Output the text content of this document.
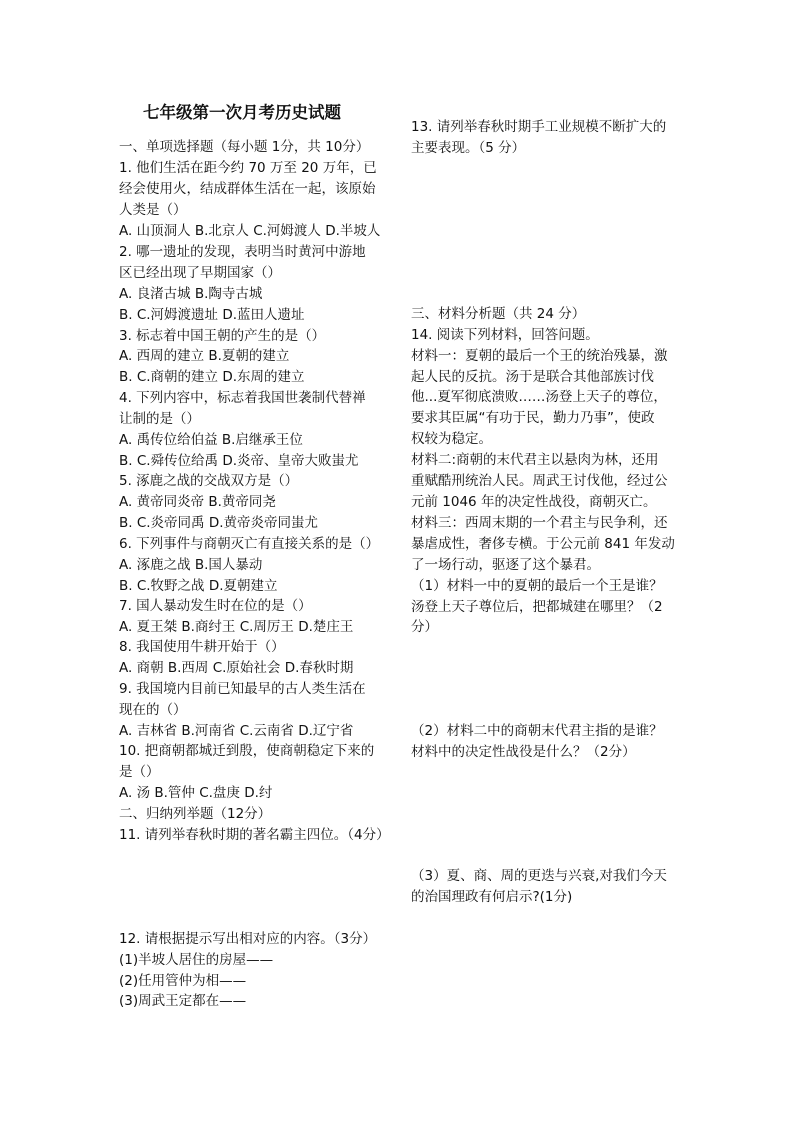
七年级第一次月考历史试题
一、单项选择题（每小题 1分，共 10分）
1. 他们生活在距今约 70 万至 20 万年，已
经会使用火，结成群体生活在一起，该原始
人类是（）
A. 山顶洞人 B.北京人 C.河姆渡人 D.半坡人
2. 哪一遗址的发现，表明当时黄河中游地
区已经出现了早期国家（）
A. 良渚古城 B.陶寺古城
B. C.河姆渡遗址 D.蓝田人遗址
3. 标志着中国王朝的产生的是（）
A. 西周的建立 B.夏朝的建立
B. C.商朝的建立 D.东周的建立
4. 下列内容中，标志着我国世袭制代替禅
让制的是（）
A. 禹传位给伯益 B.启继承王位
B. C.舜传位给禹 D.炎帝、皇帝大败蚩尤
5. 涿鹿之战的交战双方是（）
A. 黄帝同炎帝 B.黄帝同尧
B. C.炎帝同禹 D.黄帝炎帝同蚩尤
6. 下列事件与商朝灭亡有直接关系的是（）
A. 涿鹿之战 B.国人暴动
B. C.牧野之战 D.夏朝建立
7. 国人暴动发生时在位的是（）
A. 夏王桀 B.商纣王 C.周厉王 D.楚庄王
8. 我国使用牛耕开始于（）
A. 商朝 B.西周 C.原始社会 D.春秋时期
9. 我国境内目前已知最早的古人类生活在
现在的（）
A. 吉林省 B.河南省 C.云南省 D.辽宁省
10. 把商朝都城迁到殷，使商朝稳定下来的
是（）
A. 汤 B.管仲 C.盘庚 D.纣
二、归纳列举题（12分）
11. 请列举春秋时期的著名霸主四位。（4分）
12. 请根据提示写出相对应的内容。（3分）
(1)半坡人居住的房屋——
(2)任用管仲为相——
(3)周武王定都在——
13. 请列举春秋时期手工业规模不断扩大的
主要表现。（5 分）
三、材料分析题（共 24 分）
14. 阅读下列材料，回答问题。
材料一：夏朝的最后一个王的统治残暴，激
起人民的反抗。汤于是联合其他部族讨伐
他...夏军彻底溃败……汤登上天子的尊位，
要求其臣属“有功于民，勤力乃事”，使政
权较为稳定。
材料二:商朝的末代君主以悬肉为林，还用
重赋酷刑统治人民。周武王讨伐他，经过公
元前 1046 年的决定性战役，商朝灭亡。
材料三：西周末期的一个君主与民争利，还
暴虐成性，奢侈专横。于公元前 841 年发动
了一场行动，驱逐了这个暴君。
（1）材料一中的夏朝的最后一个王是谁？
汤登上天子尊位后，把都城建在哪里？（2
分）
（2）材料二中的商朝末代君主指的是谁？
材料中的决定性战役是什么？（2分）
（3）夏、商、周的更迭与兴衰,对我们今天
的治国理政有何启示?(1分)
